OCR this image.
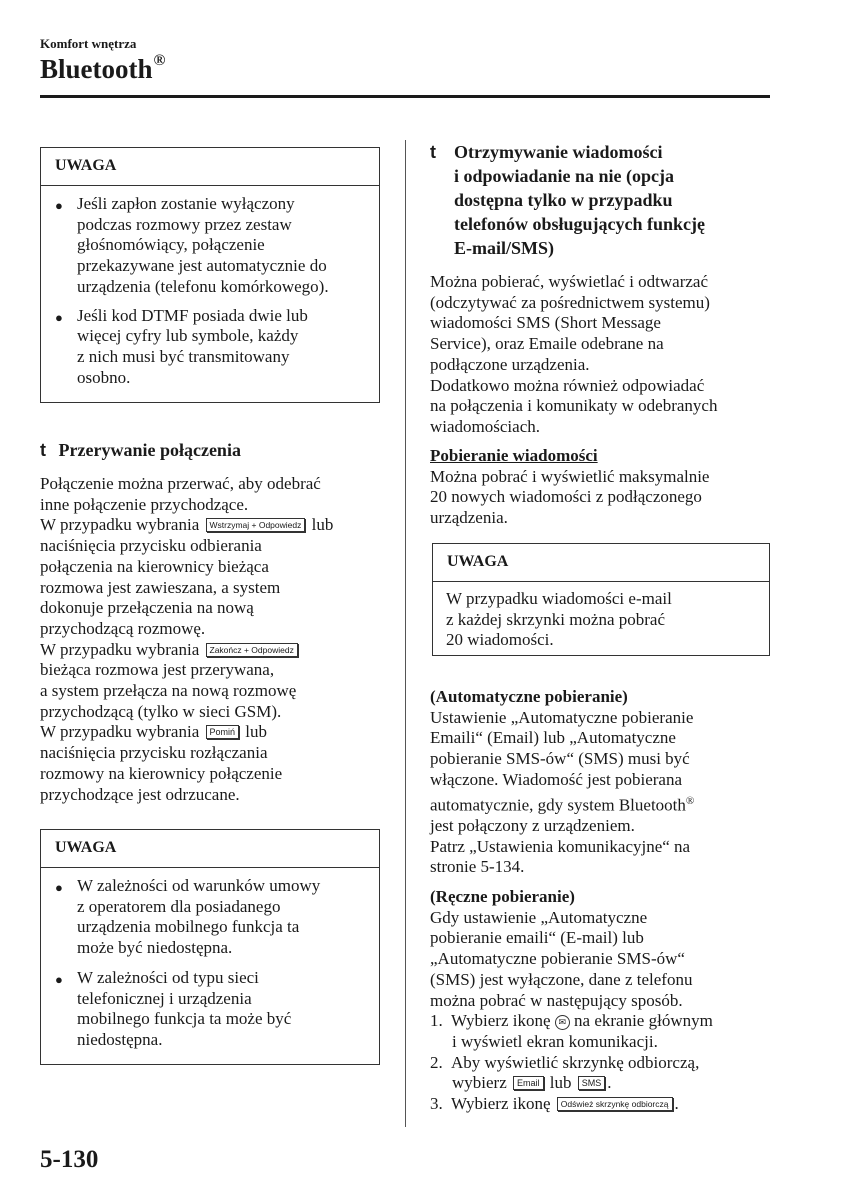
Komfort wnętrza
Bluetooth®
UWAGA
● Jeśli zapłon zostanie wyłączony
podczas rozmowy przez zestaw
głośnomówiący, połączenie
przekazywane jest automatycznie do
urządzenia (telefonu komórkowego).
● Jeśli kod DTMF posiada dwie lub
więcej cyfry lub symbole, każdy
z nich musi być transmitowany
osobno.
t Przerywanie połączenia
Połączenie można przerwać, aby odebrać
inne połączenie przychodzące.
W przypadku wybrania Wstrzymaj + Odpowiedz lub
naciśnięcia przycisku odbierania
połączenia na kierownicy bieżąca
rozmowa jest zawieszana, a system
dokonuje przełączenia na nową
przychodzącą rozmowę.
W przypadku wybrania Zakończ + Odpowiedz
bieżąca rozmowa jest przerywana,
a system przełącza na nową rozmowę
przychodzącą (tylko w sieci GSM).
W przypadku wybrania Pomiń lub
naciśnięcia przycisku rozłączania
rozmowy na kierownicy połączenie
przychodzące jest odrzucane.
UWAGA
● W zależności od warunków umowy
z operatorem dla posiadanego
urządzenia mobilnego funkcja ta
może być niedostępna.
● W zależności od typu sieci
telefonicznej i urządzenia
mobilnego funkcja ta może być
niedostępna.
t Otrzymywanie wiadomości
i odpowiadanie na nie (opcja
dostępna tylko w przypadku
telefonów obsługujących funkcję
E-mail/SMS)
Można pobierać, wyświetlać i odtwarzać
(odczytywać za pośrednictwem systemu)
wiadomości SMS (Short Message
Service), oraz Emaile odebrane na
podłączone urządzenia.
Dodatkowo można również odpowiadać
na połączenia i komunikaty w odebranych
wiadomościach.
Pobieranie wiadomości
Można pobrać i wyświetlić maksymalnie
20 nowych wiadomości z podłączonego
urządzenia.
UWAGA
W przypadku wiadomości e-mail
z każdej skrzynki można pobrać
20 wiadomości.
(Automatyczne pobieranie)
Ustawienie „Automatyczne pobieranie
Emaili“ (Email) lub „Automatyczne
pobieranie SMS-ów“ (SMS) musi być
włączone. Wiadomość jest pobierana
automatycznie, gdy system Bluetooth®
jest połączony z urządzeniem.
Patrz „Ustawienia komunikacyjne“ na
stronie 5-134.
(Ręczne pobieranie)
Gdy ustawienie „Automatyczne
pobieranie emaili“ (E-mail) lub
„Automatyczne pobieranie SMS-ów“
(SMS) jest wyłączone, dane z telefonu
można pobrać w następujący sposób.
1. Wybierz ikonę ✉ na ekranie głównym
i wyświetl ekran komunikacji.
2. Aby wyświetlić skrzynkę odbiorczą,
wybierz Email lub SMS .
3. Wybierz ikonę Odśwież skrzynkę odbiorczą .
5-130
